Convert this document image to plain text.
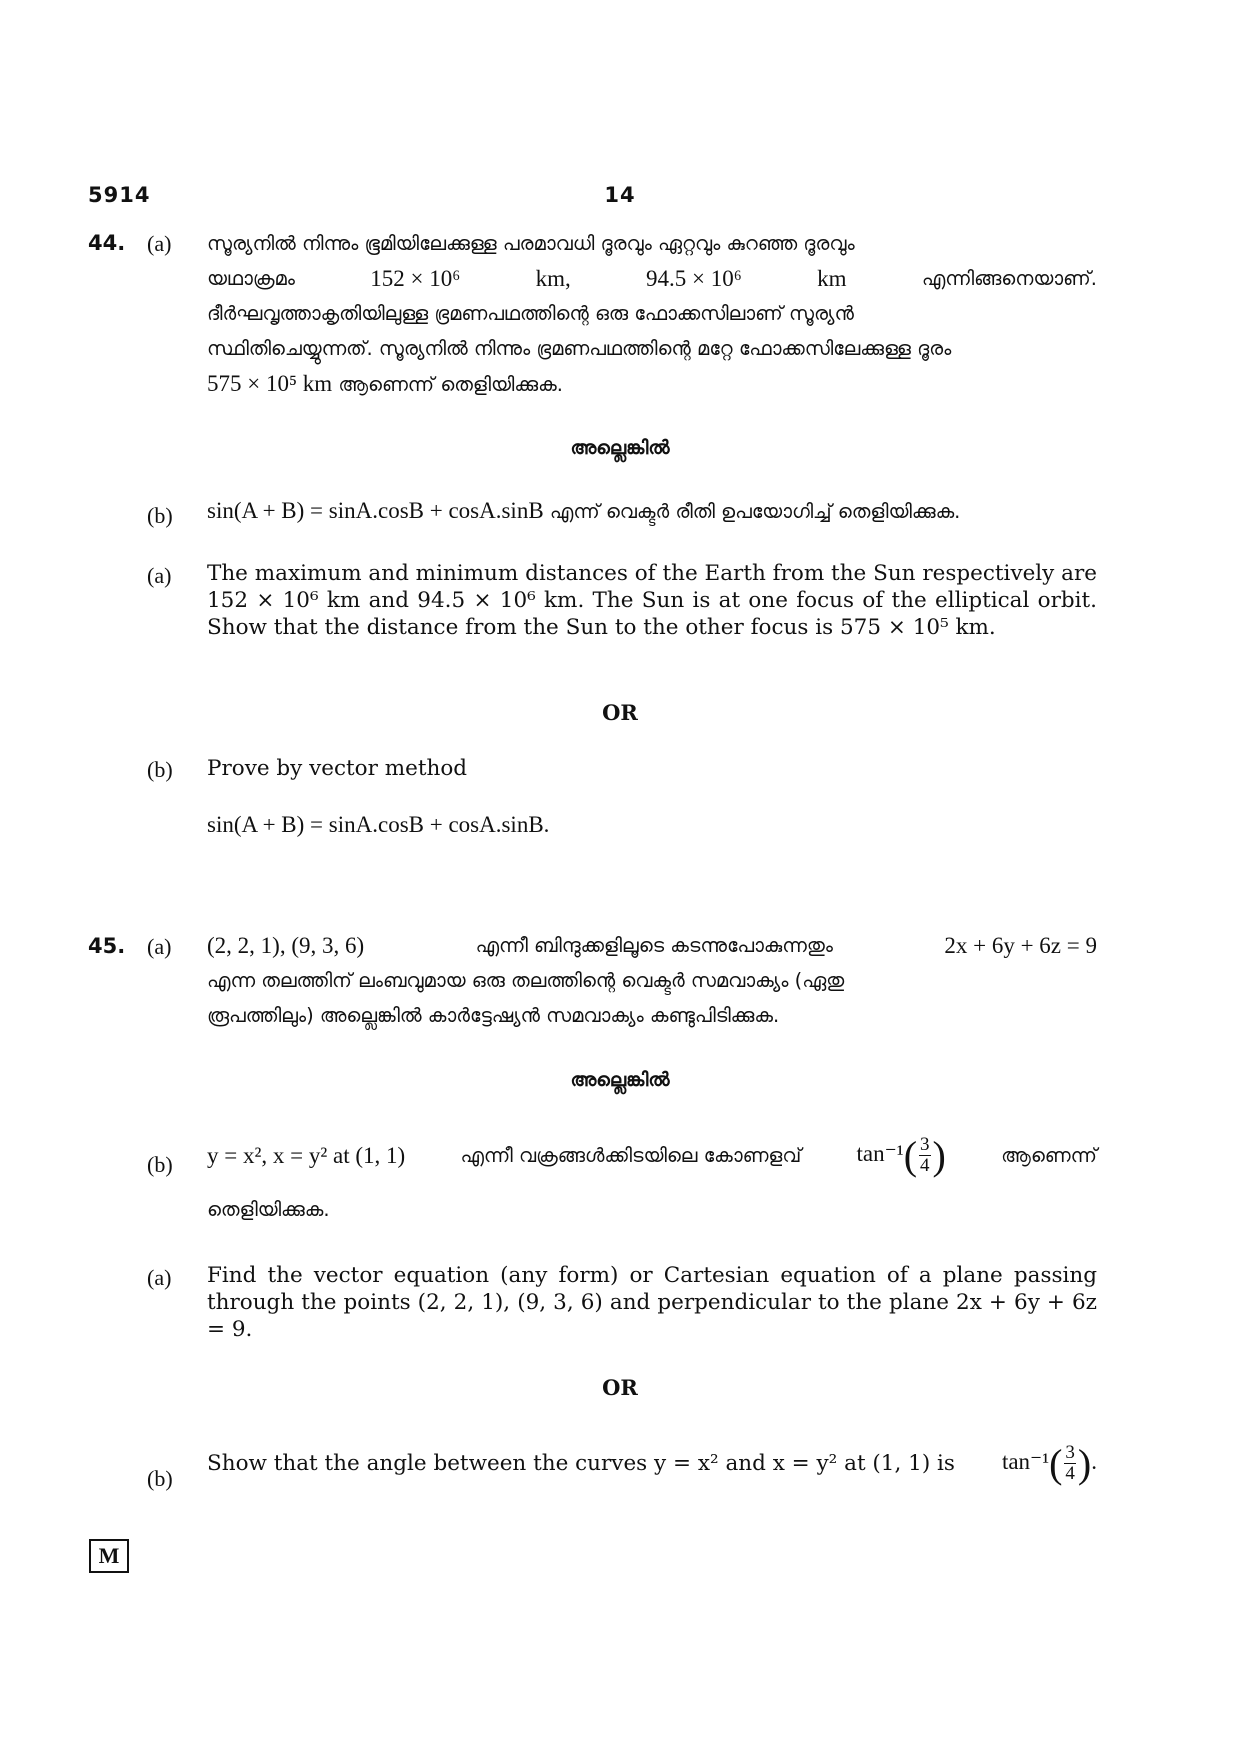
5914	14
44. (a) സൂര്യനിൽ നിന്നും ഭൂമിയിലേക്കുള്ള പരമാവധി ദൂരവും ഏറ്റവും കുറഞ്ഞ ദൂരവും
യഥാക്രമം	152 × 10⁶	km,	94.5 × 10⁶	km	എന്നിങ്ങനെയാണ്.
ദീർഘവൃത്താകൃതിയിലുള്ള ഭ്രമണപഥത്തിന്റെ ഒരു ഫോക്കസിലാണ് സൂര്യൻ
സ്ഥിതിചെയ്യുന്നത്. സൂര്യനിൽ നിന്നും ഭ്രമണപഥത്തിന്റെ മറ്റേ ഫോക്കസിലേക്കുള്ള ദൂരം
575 × 10⁵ km ആണെന്ന് തെളിയിക്കുക.
അല്ലെങ്കിൽ
(b) sin(A + B) = sinA.cosB + cosA.sinB എന്ന് വെക്ടർ രീതി ഉപയോഗിച്ച് തെളിയിക്കുക.
(a) The maximum and minimum distances of the Earth from the Sun respectively are 152 × 10⁶ km and 94.5 × 10⁶ km. The Sun is at one focus of the elliptical orbit. Show that the distance from the Sun to the other focus is 575 × 10⁵ km.
OR
(b) Prove by vector method
sin(A + B) = sinA.cosB + cosA.sinB.
45. (a) (2, 2, 1), (9, 3, 6)	എന്നീ ബിന്ദുക്കളിലൂടെ കടന്നുപോകുന്നതും	2x + 6y + 6z = 9
എന്ന തലത്തിന് ലംബവുമായ ഒരു തലത്തിന്റെ വെക്ടർ സമവാക്യം (ഏതു
രൂപത്തിലും) അല്ലെങ്കിൽ കാർട്ടേഷ്യൻ സമവാക്യം കണ്ടുപിടിക്കുക.
അല്ലെങ്കിൽ
(b) y = x², x = y² at (1, 1)	എന്നീ വക്രങ്ങൾക്കിടയിലെ കോണളവ് $\tan^{-1}( \frac{3}{4}$ )	ആണെന്ന്
തെളിയിക്കുക.
(a) Find the vector equation (any form) or Cartesian equation of a plane passing through the points (2, 2, 1), (9, 3, 6) and perpendicular to the plane 2x + 6y + 6z = 9.
OR
(b)
Show that the angle between the curves y = x² and x = y² at (1, 1) is $\tan^{-1}( \frac{3}{4}$ ).
M
